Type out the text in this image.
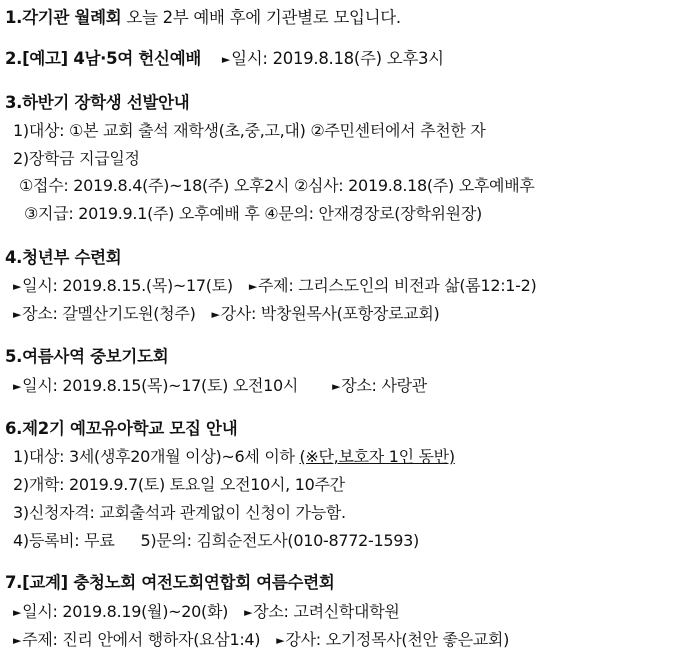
1.각기관 월례회 오늘 2부 예배 후에 기관별로 모입니다.
2.[예고] 4남·5여 헌신예배 ►일시: 2019.8.18(주) 오후3시
3.하반기 장학생 선발안내
1)대상: ①본 교회 출석 재학생(초,중,고,대) ②주민센터에서 추천한 자
2)장학금 지급일정
①접수: 2019.8.4(주)~18(주) 오후2시 ②심사: 2019.8.18(주) 오후예배후
③지급: 2019.9.1(주) 오후예배 후 ④문의: 안재경장로(장학위원장)
4.청년부 수련회
►일시: 2019.8.15.(목)~17(토) ►주제: 그리스도인의 비전과 삶(롬12:1-2)
►장소: 갈멜산기도원(청주) ►강사: 박창원목사(포항장로교회)
5.여름사역 중보기도회
►일시: 2019.8.15(목)~17(토) 오전10시	►장소: 사랑관
6.제2기 예꼬유아학교 모집 안내
1)대상: 3세(생후20개월 이상)~6세 이하 (※단,보호자 1인 동반)
2)개학: 2019.9.7(토) 토요일 오전10시, 10주간
3)신청자격: 교회출석과 관계없이 신청이 가능함.
4)등록비: 무료 5)문의: 김희순전도사(010-8772-1593)
7.[교계] 충청노회 여전도회연합회 여름수련회
►일시: 2019.8.19(월)~20(화) ►장소: 고려신학대학원
►주제: 진리 안에서 행하자(요삼1:4) ►강사: 오기정목사(천안 좋은교회)
